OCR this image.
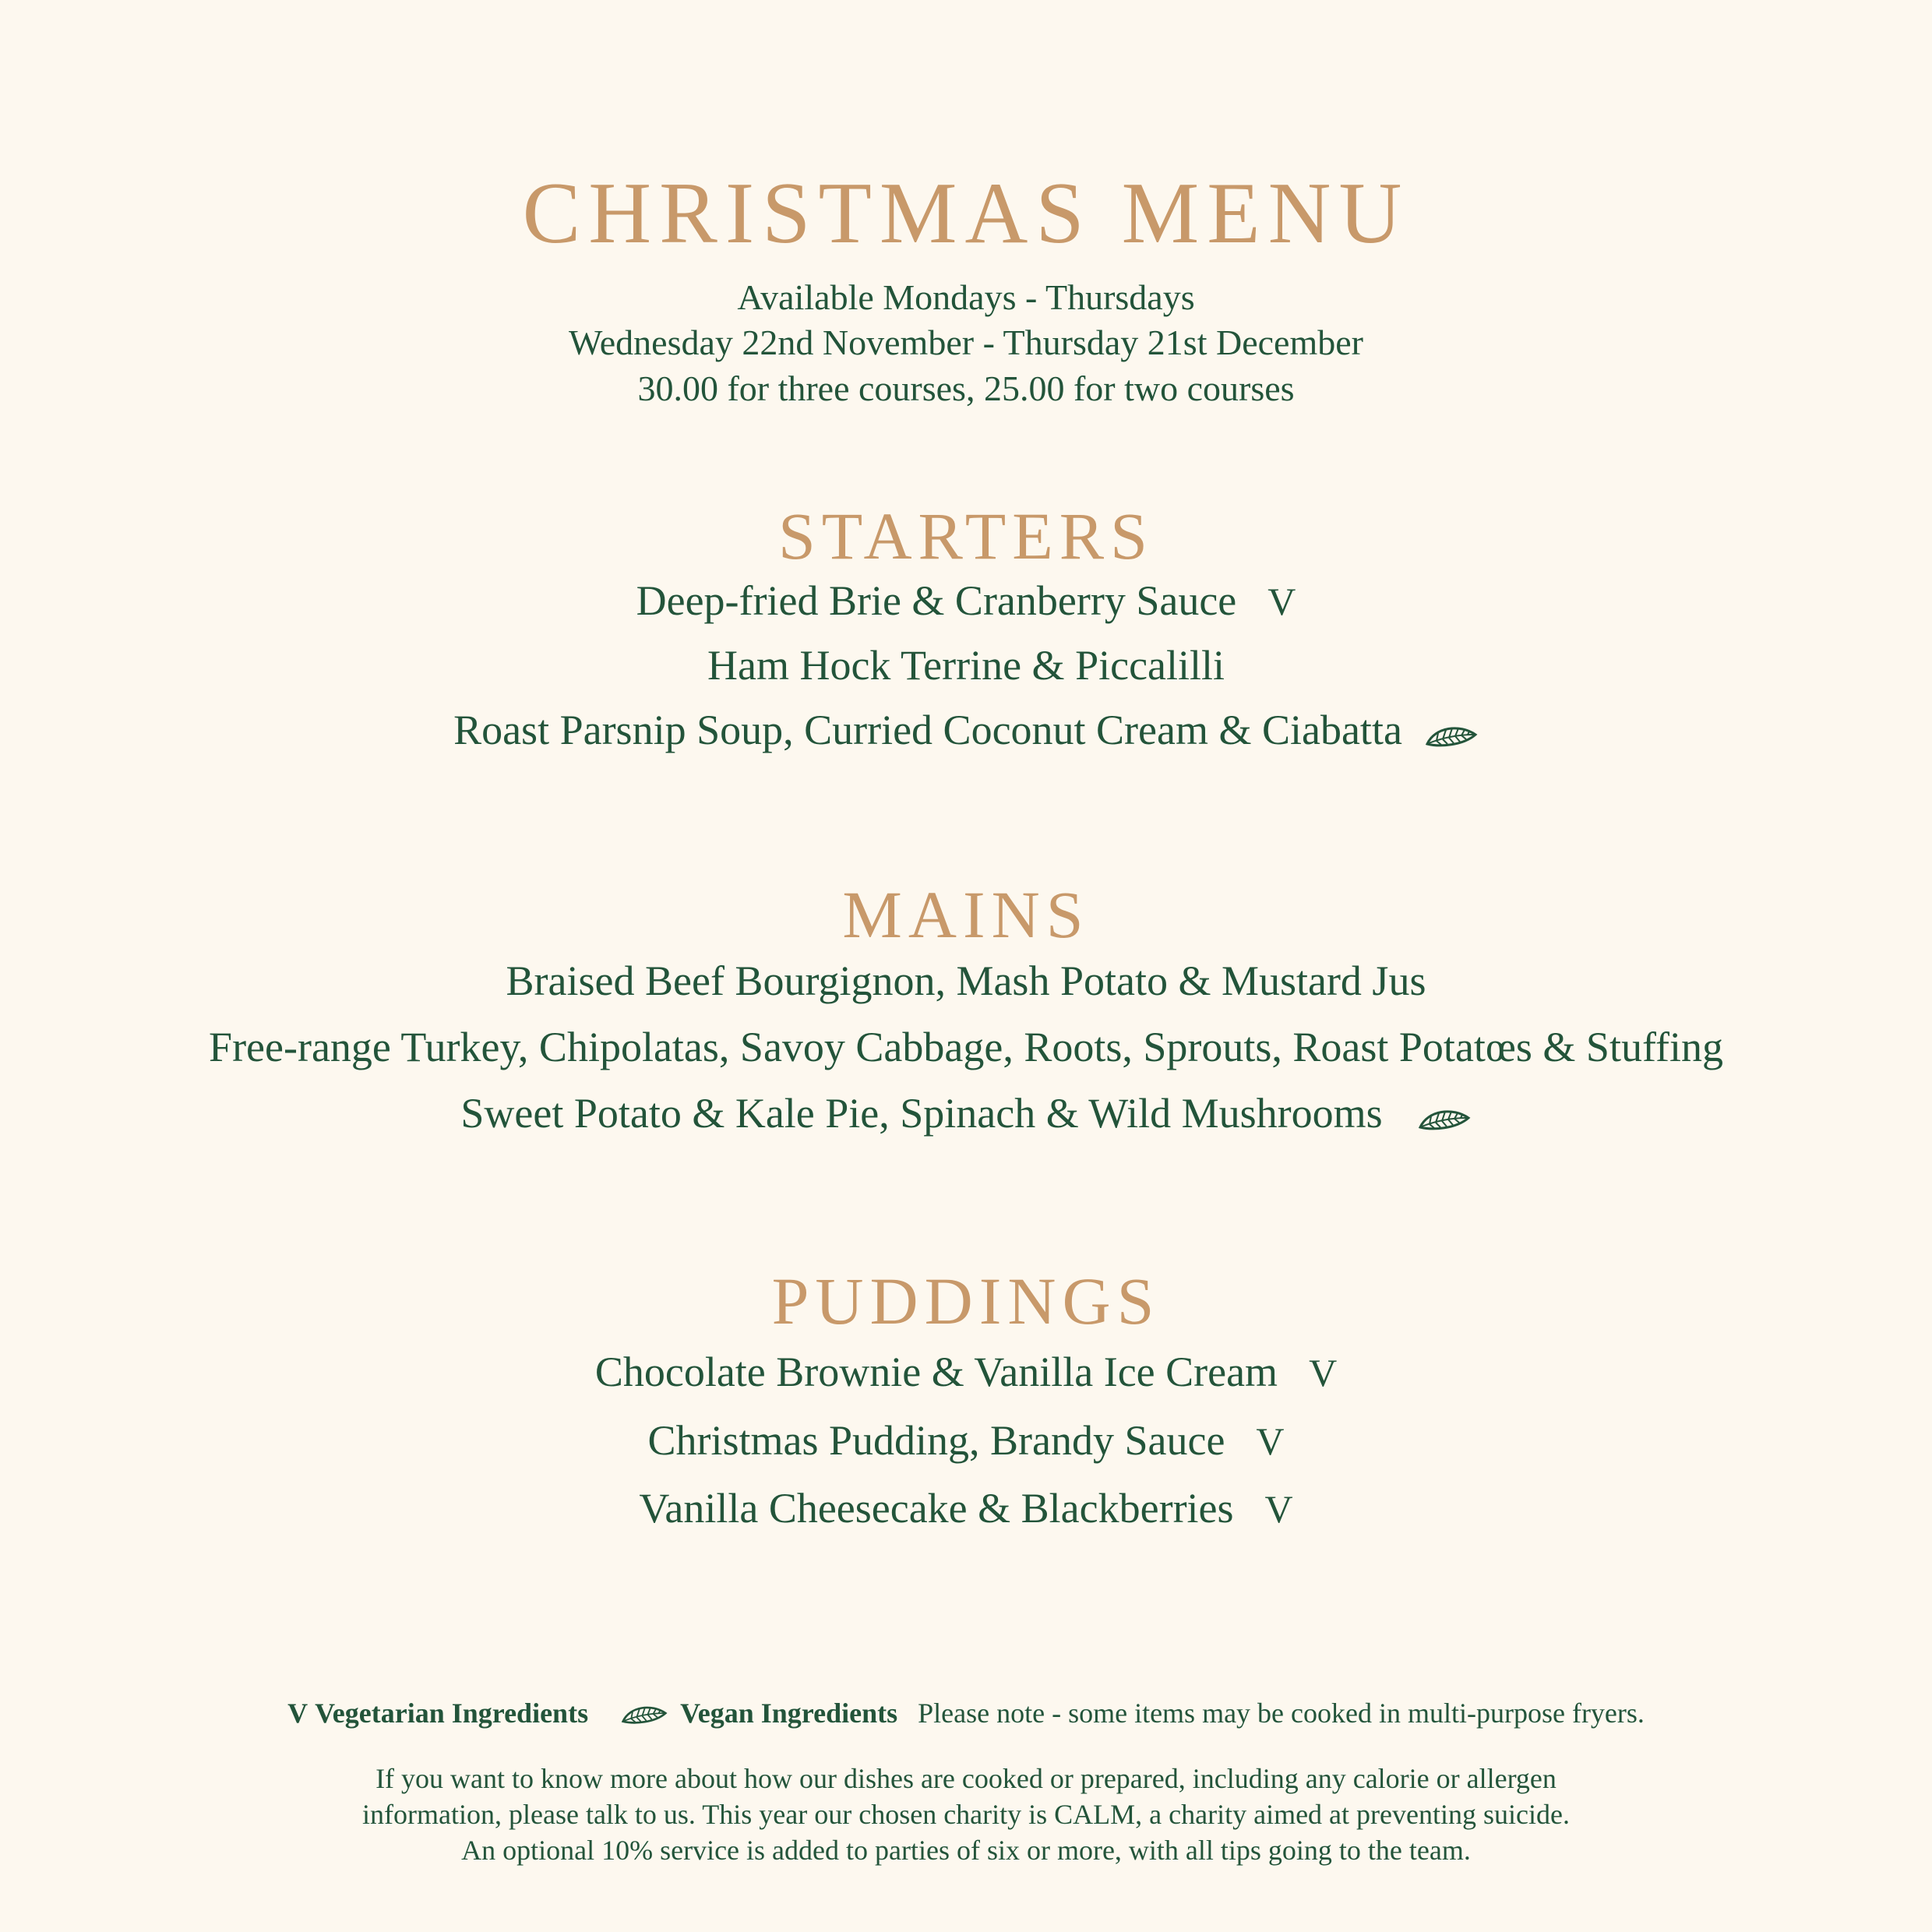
CHRISTMAS MENU
Available Mondays - Thursdays
Wednesday 22nd November - Thursday 21st December
30.00 for three courses, 25.00 for two courses
STARTERS
Deep-fried Brie & Cranberry Sauce V
Ham Hock Terrine & Piccalilli
Roast Parsnip Soup, Curried Coconut Cream & Ciabatta
MAINS
Braised Beef Bourgignon, Mash Potato & Mustard Jus
Free-range Turkey, Chipolatas, Savoy Cabbage, Roots, Sprouts, Roast Potatœs & Stuffing
Sweet Potato & Kale Pie, Spinach & Wild Mushrooms
PUDDINGS
Chocolate Brownie & Vanilla Ice Cream V
Christmas Pudding, Brandy Sauce V
Vanilla Cheesecake & Blackberries V
V Vegetarian Ingredients	Vegan Ingredients Please note - some items may be cooked in multi-purpose fryers.
If you want to know more about how our dishes are cooked or prepared, including any calorie or allergen
information, please talk to us. This year our chosen charity is CALM, a charity aimed at preventing suicide.
An optional 10% service is added to parties of six or more, with all tips going to the team.
